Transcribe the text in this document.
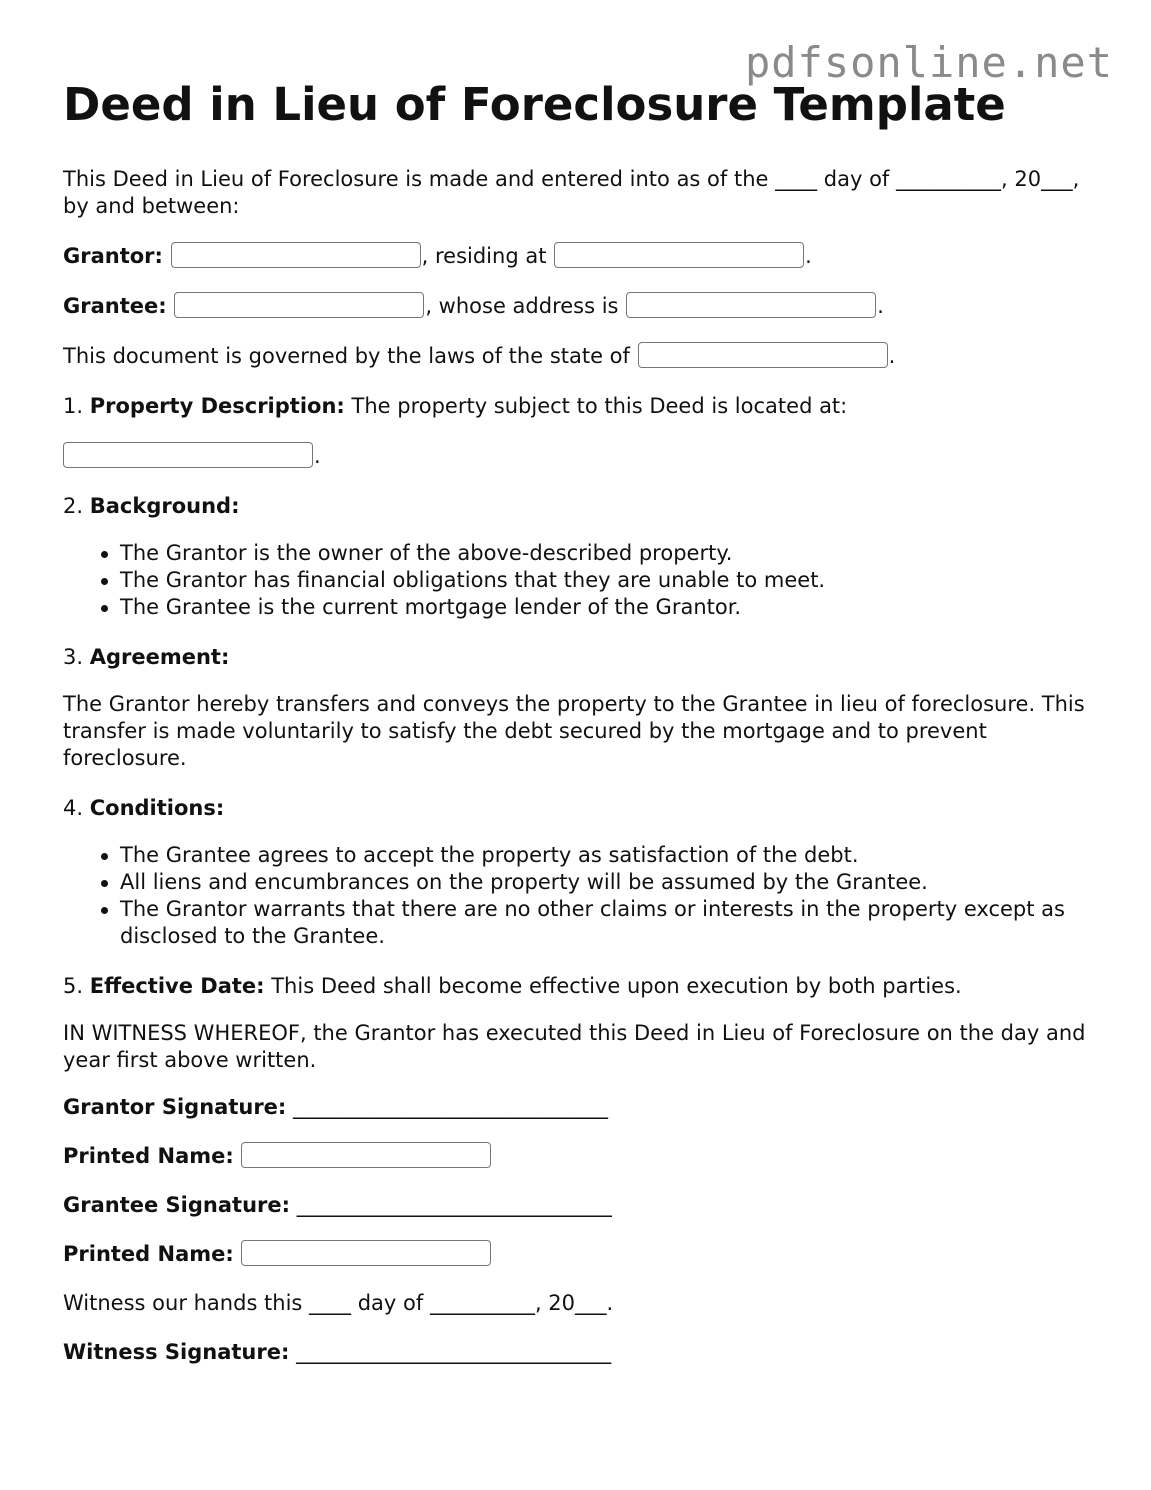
pdfsonline.net
Deed in Lieu of Foreclosure Template

This Deed in Lieu of Foreclosure is made and entered into as of the ____ day of __________, 20___, by and between:

Grantor:	, residing at	.

Grantee:	, whose address is	.

This document is governed by the laws of the state of	.

1. Property Description: The property subject to this Deed is located at:

.

2. Background:

The Grantor is the owner of the above-described property.
The Grantor has financial obligations that they are unable to meet.
The Grantee is the current mortgage lender of the Grantor.

3. Agreement:

The Grantor hereby transfers and conveys the property to the Grantee in lieu of foreclosure. This transfer is made voluntarily to satisfy the debt secured by the mortgage and to prevent foreclosure.

4. Conditions:

The Grantee agrees to accept the property as satisfaction of the debt.
All liens and encumbrances on the property will be assumed by the Grantee.
The Grantor warrants that there are no other claims or interests in the property except as disclosed to the Grantee.

5. Effective Date: This Deed shall become effective upon execution by both parties.

IN WITNESS WHEREOF, the Grantor has executed this Deed in Lieu of Foreclosure on the day and year first above written.

Grantor Signature: ______________________________

Printed Name:

Grantee Signature: ______________________________

Printed Name:

Witness our hands this ____ day of __________, 20___.

Witness Signature: ______________________________
